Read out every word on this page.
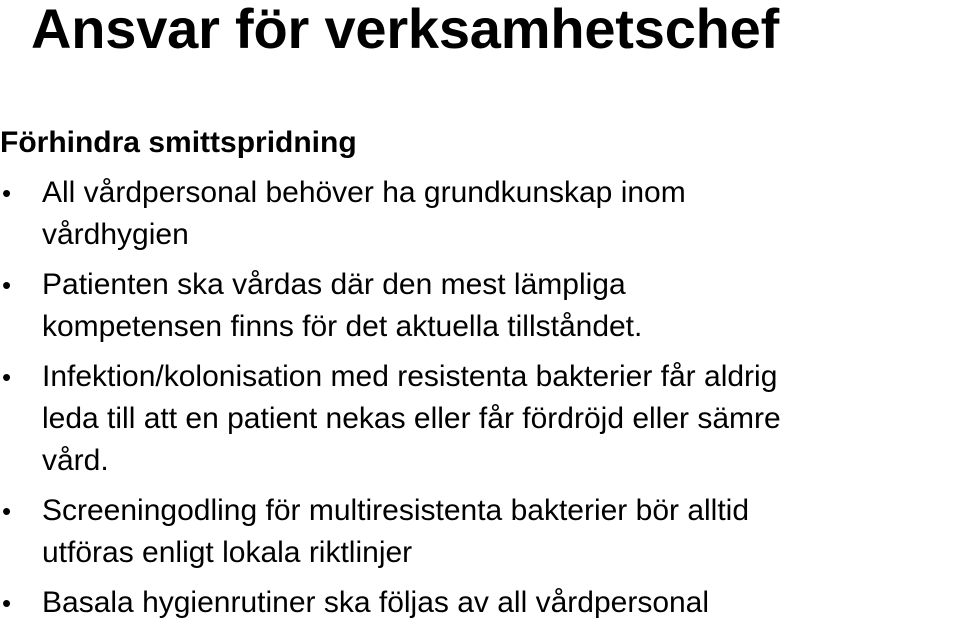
Ansvar för verksamhetschef
Förhindra smittspridning
•	All vårdpersonal behöver ha grundkunskap inom
vårdhygien
•	Patienten ska vårdas där den mest lämpliga
kompetensen finns för det aktuella tillståndet.
•	Infektion/kolonisation med resistenta bakterier får aldrig
leda till att en patient nekas eller får fördröjd eller sämre
vård.
•	Screeningodling för multiresistenta bakterier bör alltid
utföras enligt lokala riktlinjer
•	Basala hygienrutiner ska följas av all vårdpersonal
